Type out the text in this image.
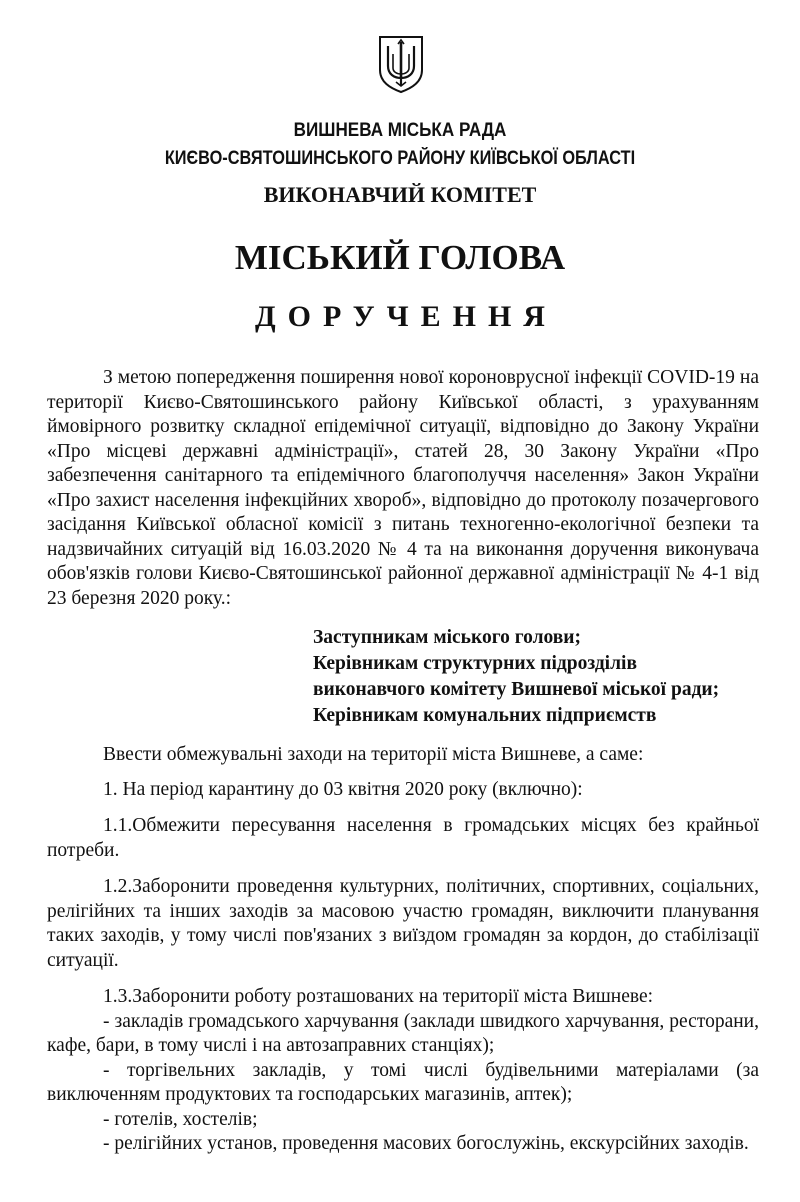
ВИШНЕВА МІСЬКА РАДА
КИЄВО-СВЯТОШИНСЬКОГО РАЙОНУ КИЇВСЬКОЇ ОБЛАСТІ
ВИКОНАВЧИЙ КОМІТЕТ
МІСЬКИЙ ГОЛОВА
ДОРУЧЕННЯ

З метою попередження поширення нової короноврусної інфекції COVID-19 на території Києво-Святошинського району Київської області, з урахуванням ймовірного розвитку складної епідемічної ситуації, відповідно до Закону України «Про місцеві державні адміністрації», статей 28, 30 Закону України «Про забезпечення санітарного та епідемічного благополуччя населення» Закон України «Про захист населення інфекційних хвороб», відповідно до протоколу позачергового засідання Київської обласної комісії з питань техногенно-екологічної безпеки та надзвичайних ситуацій від 16.03.2020 № 4 та на виконання доручення виконувача обов'язків голови Києво-Святошинської районної державної адміністрації № 4-1 від 23 березня 2020 року.:

Заступникам міського голови;
Керівникам структурних підрозділів
виконавчого комітету Вишневої міської ради;
Керівникам комунальних підприємств

Ввести обмежувальні заходи на території міста Вишневе, а саме:

1. На період карантину до 03 квітня 2020 року (включно):

1.1.Обмежити пересування населення в громадських місцях без крайньої потреби.

1.2.Заборонити проведення культурних, політичних, спортивних, соціальних, релігійних та інших заходів за масовою участю громадян, виключити планування таких заходів, у тому числі пов'язаних з виїздом громадян за кордон, до стабілізації ситуації.

1.3.Заборонити роботу розташованих на території міста Вишневе:

- закладів громадського харчування (заклади швидкого харчування, ресторани, кафе, бари, в тому числі і на автозаправних станціях);

- торгівельних закладів, у томі числі будівельними матеріалами (за виключенням продуктових та господарських магазинів, аптек);

- готелів, хостелів;

- релігійних установ, проведення масових богослужінь, екскурсійних заходів.
